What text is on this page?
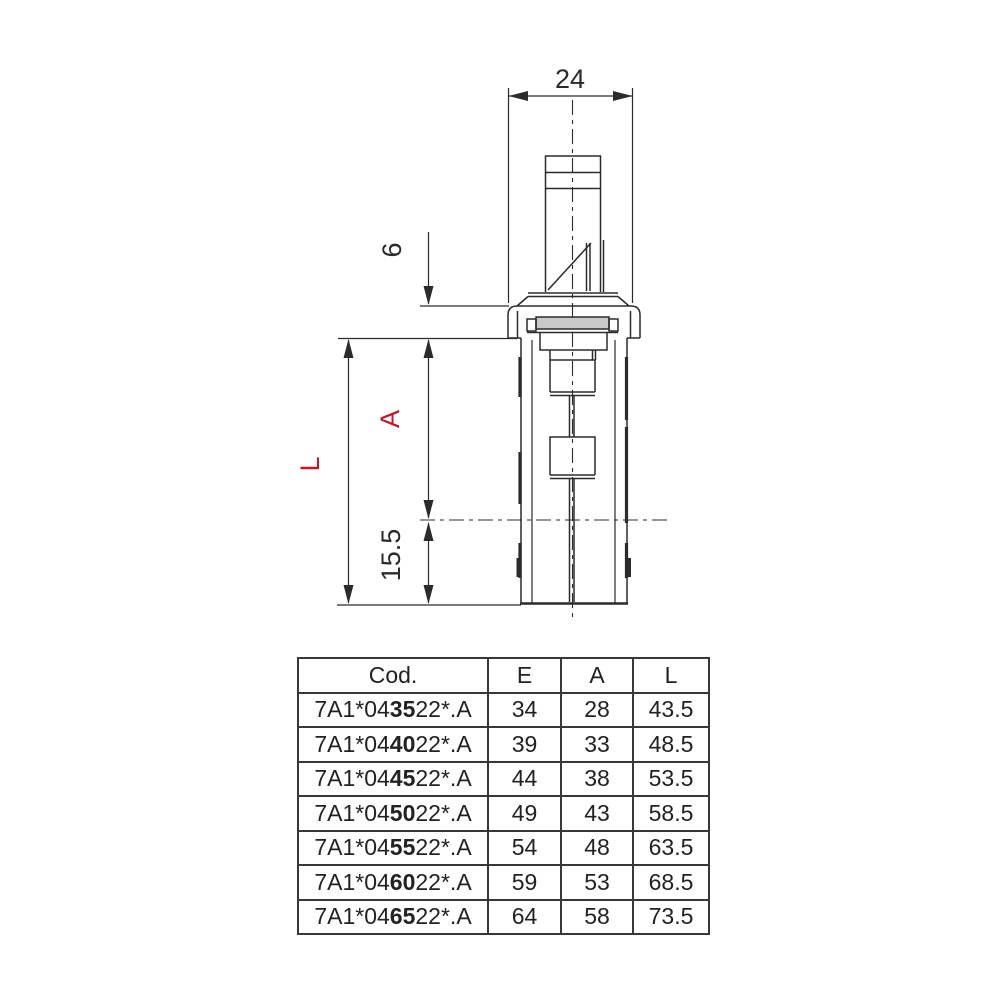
24
6
A
15.5
L
Cod.	E	A	L
7A1*043522*.A	34	28	43.5
7A1*044022*.A	39	33	48.5
7A1*044522*.A	44	38	53.5
7A1*045022*.A	49	43	58.5
7A1*045522*.A	54	48	63.5
7A1*046022*.A	59	53	68.5
7A1*046522*.A	64	58	73.5
